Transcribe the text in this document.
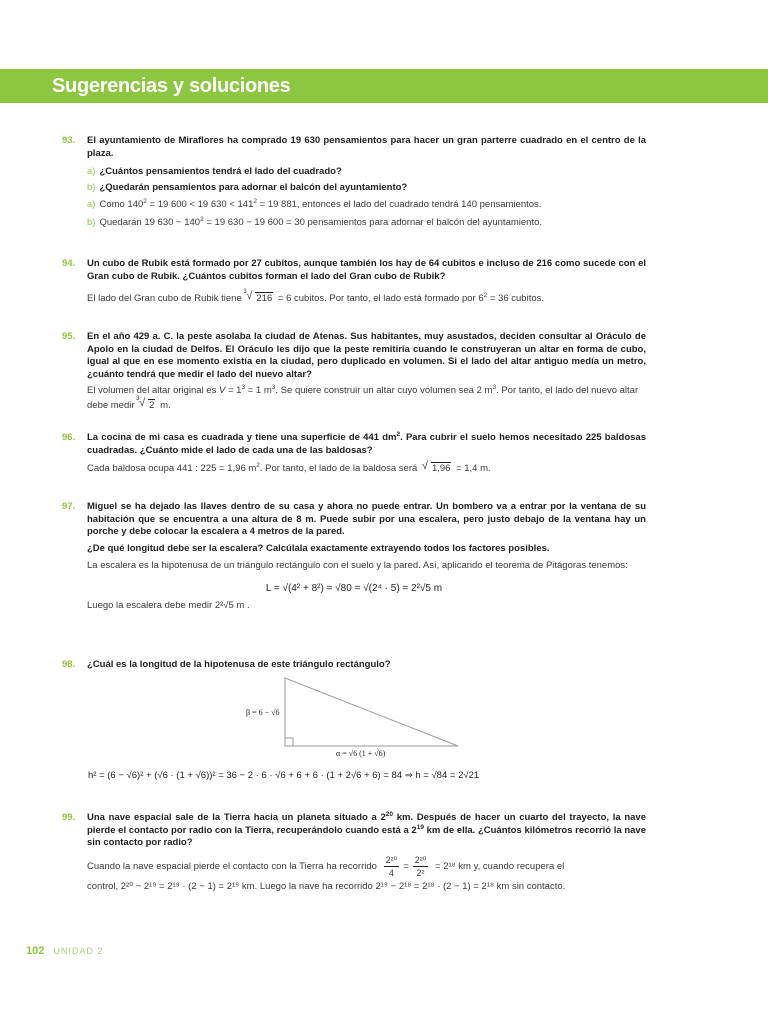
Sugerencias y soluciones
93.	El ayuntamiento de Miraflores ha comprado 19 630 pensamientos para hacer un gran parterre cuadrado en el centro de la plaza.
a) ¿Cuántos pensamientos tendrá el lado del cuadrado?
b) ¿Quedarán pensamientos para adornar el balcón del ayuntamiento?
a) Como $140^2 = 19$ 600 < 19 $630 < 141^2 = 19$ 881, entonces el lado del cuadrado tendrá 140 pensamientos.
b) Quedarán 19 $630 - 140^2 = 19$ 630 − 19 600 = 30 pensamientos para adornar el balcón del ayuntamiento.
94.	Un cubo de Rubik está formado por 27 cubitos, aunque también los hay de 64 cubitos e incluso de 216 como sucede con el Gran cubo de Rubik. ¿Cuántos cubitos forman el lado del Gran cubo de Rubik?
El lado del Gran cubo de Rubik tiene
3 √ 216 = 6 cubitos. Por tanto, el lado está formado por $6^2 = 36$ cubitos.
95.	En el año 429 a. C. la peste asolaba la ciudad de Atenas. Sus habitantes, muy asustados, deciden consultar al Oráculo de Apolo en la ciudad de Delfos. El Oráculo les dijo que la peste remitiría cuando le construyeran un altar en forma de cubo, igual al que en ese momento existía en la ciudad, pero duplicado en volumen. Si el lado del altar antiguo medía un metro, ¿cuánto tendrá que medir el lado del nuevo altar?
El volumen del altar original es $V = 1^3 = 1$ $m^3$. Se quiere construir un altar cuyo volumen sea 2 $m^3$. Por tanto, el lado del nuevo altar debe medir
3 √ 2 m.
96.	La cocina de mi casa es cuadrada y tiene una superficie de 441 $dm^2$. Para cubrir el suelo hemos necesitado 225 baldosas cuadradas. ¿Cuánto mide el lado de cada una de las baldosas?
Cada baldosa ocupa 441 : 225 = 1,96 $m^2$. Por tanto, el lado de la baldosa será √ 1,96 = 1,4 m.
97.	Miguel se ha dejado las llaves dentro de su casa y ahora no puede entrar. Un bombero va a entrar por la ventana de su habitación que se encuentra a una altura de 8 m. Puede subir por una escalera, pero justo debajo de la ventana hay un porche y debe colocar la escalera a 4 metros de la pared.
¿De qué longitud debe ser la escalera? Calcúlala exactamente extrayendo todos los factores posibles.
La escalera es la hipotenusa de un triángulo rectángulo con el suelo y la pared. Así, aplicando el teorema de Pitágoras tenemos:
L = √(4² + 8²) = √80 = √(2⁴ · 5) = 2²√5 m
Luego la escalera debe medir 2²√5 m .
98.	¿Cuál es la longitud de la hipotenusa de este triángulo rectángulo?
β = 6 − √6
α = √6 (1 + √6)
h² = (6 − √6)² + (√6 · (1 + √6))² = 36 − 2 · 6 · √6 + 6 + 6 · (1 + 2√6 + 6) = 84 ⇒ h = √84 = 2√21
99.	Una nave espacial sale de la Tierra hacia un planeta situado a $2^{20}$ km. Después de hacer un cuarto del trayecto, la nave pierde el contacto por radio con la Tierra, recuperándolo cuando está a $2^{19}$ km de ella. ¿Cuántos kilómetros recorrió la nave sin contacto por radio?
Cuando la nave espacial pierde el contacto con la Tierra ha recorrido $\frac{\text{2²⁰}}{4} = \frac{\text{2²⁰}}{\text{2²}} = 2^{18}$ km y, cuando recupera el
control, 2²⁰ − 2¹⁹ = 2¹⁹ · (2 − 1) = 2¹⁹ km. Luego la nave ha recorrido 2¹⁹ − 2¹⁸ = 2¹⁸ · (2 − 1) = 2¹⁸ km sin contacto.
102 UNIDAD 2
